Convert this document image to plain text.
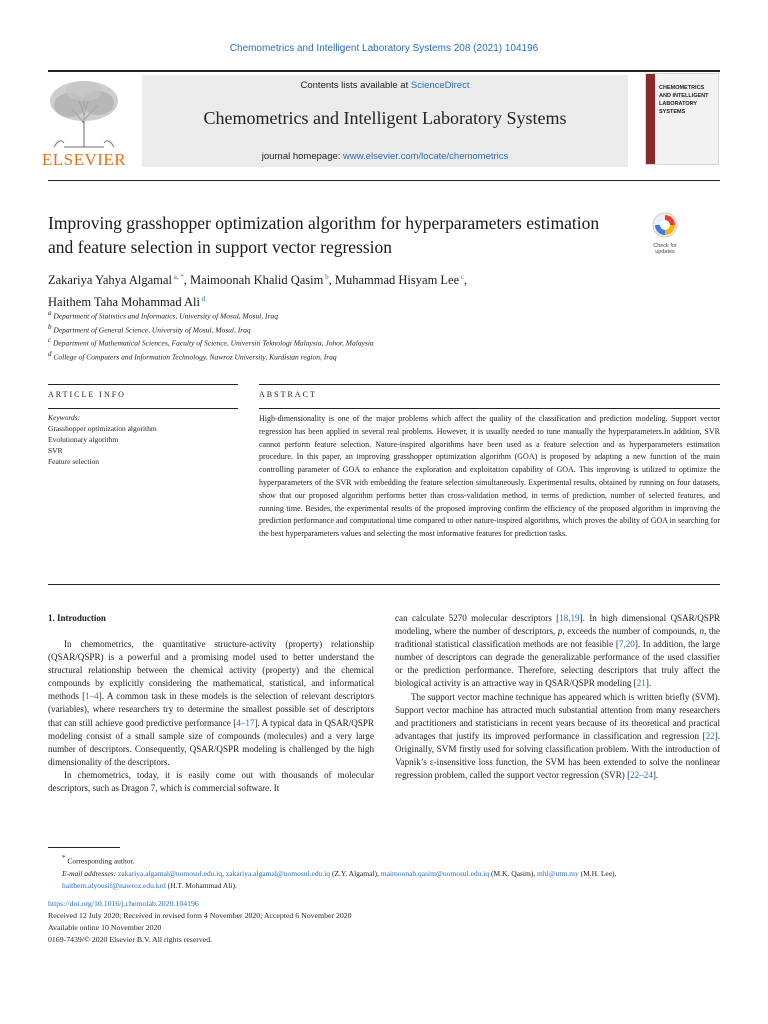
Chemometrics and Intelligent Laboratory Systems 208 (2021) 104196
ELSEVIER
Contents lists available at ScienceDirect
Chemometrics and Intelligent Laboratory Systems
journal homepage: www.elsevier.com/locate/chemometrics
CHEMOMETRICS
AND INTELLIGENT
LABORATORY
SYSTEMS
Improving grasshopper optimization algorithm for hyperparameters estimation and feature selection in support vector regression	Check for updates
Zakariya Yahya Algamal $^{a, *}$, Maimoonah Khalid Qasim $^b$, Muhammad Hisyam Lee $^c$,
Haithem Taha Mohammad Ali $^d$
$^a$ Department of Statistics and Informatics, University of Mosul, Mosul, Iraq
$^b$ Department of General Science, University of Mosul, Mosul, Iraq
$^c$ Department of Mathematical Sciences, Faculty of Science, Universiti Teknologi Malaysia, Johor, Malaysia
$^d$ College of Computers and Information Technology, Nawroz University, Kurdistan region, Iraq
ARTICLE INFO	ABSTRACT
Keywords:
Grasshopper optimization algorithm
Evolutionary algorithm
SVR
Feature selection
High-dimensionality is one of the major problems which affect the quality of the classification and prediction modeling. Support vector regression has been applied in several real problems. However, it is usually needed to tune manually the hyperparameters.In addition, SVR cannot perform feature selection. Nature-inspired algorithms have been used as a feature selection and as hyperparameters estimation procedure. In this paper, an improving grasshopper optimization algorithm (GOA) is proposed by adapting a new function of the main controlling parameter of GOA to enhance the exploration and exploitation capability of GOA. This improving is utilized to optimize the hyperparameters of the SVR with embedding the feature selection simultaneously. Experimental results, obtained by running on four datasets, show that our proposed algorithm performs better than cross-validation method, in terms of prediction, number of selected features, and running time. Besides, the experimental results of the proposed improving confirm the efficiency of the proposed algorithm in improving the prediction performance and computational time compared to other nature-inspired algorithms, which proves the ability of GOA in searching for the best hyperparameters values and selecting the most informative features for prediction tasks.
1. Introduction

In chemometrics, the quantitative structure-activity (property) relationship (QSAR/QSPR) is a powerful and a promising model used to better understand the structural relationship between the chemical activity (property) and the chemical compounds by explicitly considering the mathematical, statistical, and informatical methods [1–4]. A common task in these models is the selection of relevant descriptors (variables), where researchers try to determine the smallest possible set of descriptors that can still achieve good predictive performance [4–17]. A typical data in QSAR/QSPR modeling consist of a small sample size of compounds (molecules) and a very large number of descriptors. Consequently, QSAR/QSPR modeling is challenged by the high dimensionality of the descriptors.

In chemometrics, today, it is easily come out with thousands of molecular descriptors, such as Dragon 7, which is commercial software. It

can calculate 5270 molecular descriptors [18,19]. In high dimensional QSAR/QSPR modeling, where the number of descriptors, p, exceeds the number of compounds, n, the traditional statistical classification methods are not feasible [7,20]. In addition, the large number of descriptors can degrade the generalizable performance of the used classifier or the prediction performance. Therefore, selecting descriptors that truly affect the biological activity is an attractive way in QSAR/QSPR modeling [21].

The support vector machine technique has appeared which is written briefly (SVM). Support vector machine has attracted much substantial attention from many researchers and practitioners and statisticians in recent years because of its theoretical and practical advantages that justify its improved performance in classification and regression [22]. Originally, SVM firstly used for solving classification problem. With the introduction of Vapnik’s ε-insensitive loss function, the SVM has been extended to solve the nonlinear regression problem, called the support vector regression (SVR) [22–24].

* Corresponding author.
E-mail addresses: zakariya.algamal@uomosul.edu.iq, zakariya.algamal@uomosul.edu.iq (Z.Y. Algamal), maimoonah.qasim@uomosul.edu.iq (M.K. Qasim), mhl@utm.my (M.H. Lee), haithem.alyousif@nawroz.edu.krd (H.T. Mohammad Ali).
https://doi.org/10.1016/j.chemolab.2020.104196
Received 12 July 2020; Received in revised form 4 November 2020; Accepted 6 November 2020
Available online 10 November 2020
0169-7439/© 2020 Elsevier B.V. All rights reserved.
